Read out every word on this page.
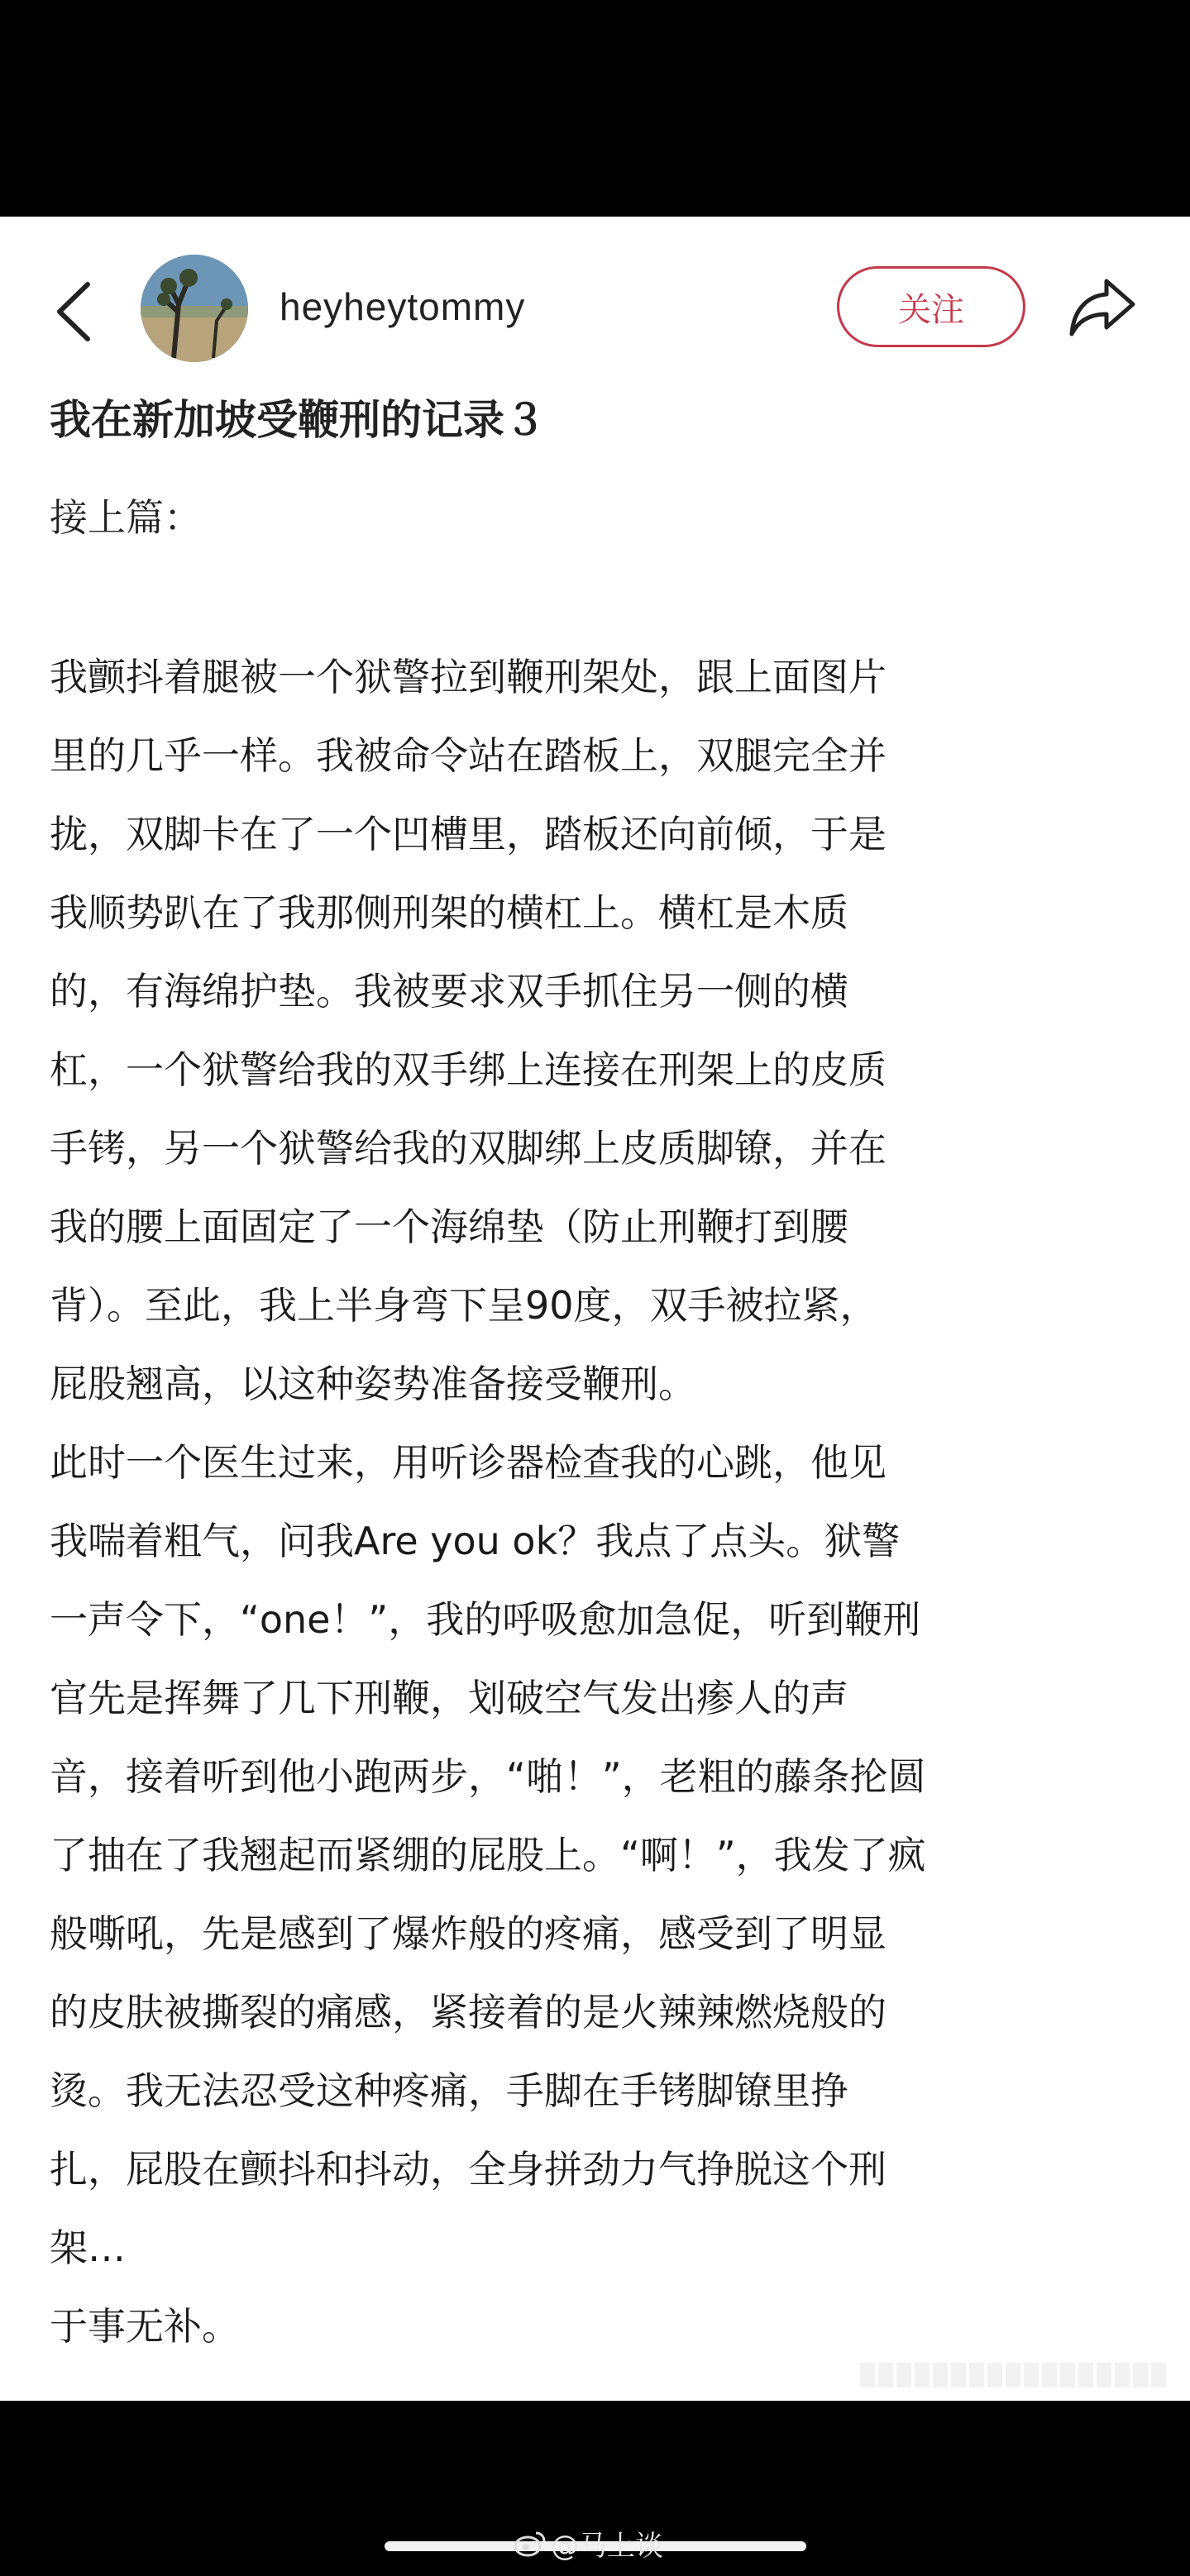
heyheytommy	关注
我在新加坡受鞭刑的记录３
接上篇：
我颤抖着腿被一个狱警拉到鞭刑架处，跟上面图片
里的几乎一样。我被命令站在踏板上，双腿完全并
拢，双脚卡在了一个凹槽里，踏板还向前倾，于是
我顺势趴在了我那侧刑架的横杠上。横杠是木质
的，有海绵护垫。我被要求双手抓住另一侧的横
杠，一个狱警给我的双手绑上连接在刑架上的皮质
手铐，另一个狱警给我的双脚绑上皮质脚镣，并在
我的腰上面固定了一个海绵垫（防止刑鞭打到腰
背）。至此，我上半身弯下呈90度，双手被拉紧，
屁股翘高，以这种姿势准备接受鞭刑。
此时一个医生过来，用听诊器检查我的心跳，他见
我喘着粗气，问我Are you ok？我点了点头。狱警
一声令下，“one！”，我的呼吸愈加急促，听到鞭刑
官先是挥舞了几下刑鞭，划破空气发出瘆人的声
音，接着听到他小跑两步，“啪！”，老粗的藤条抡圆
了抽在了我翘起而紧绷的屁股上。“啊！”，我发了疯
般嘶吼，先是感到了爆炸般的疼痛，感受到了明显
的皮肤被撕裂的痛感，紧接着的是火辣辣燃烧般的
烫。我无法忍受这种疼痛，手脚在手铐脚镣里挣
扎，屁股在颤抖和抖动，全身拼劲力气挣脱这个刑
架…
于事无补。
@马上谈
